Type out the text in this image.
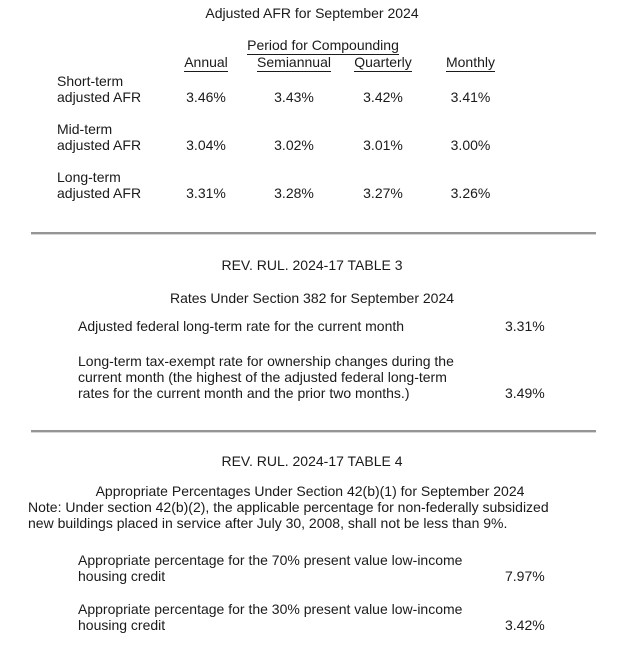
Adjusted AFR for September 2024
Period for Compounding
Annual	Semiannual	Quarterly	Monthly
Short-term
adjusted AFR	3.46%	3.43%	3.42%	3.41%
Mid-term
adjusted AFR	3.04%	3.02%	3.01%	3.00%
Long-term
adjusted AFR	3.31%	3.28%	3.27%	3.26%
REV. RUL. 2024-17 TABLE 3
Rates Under Section 382 for September 2024
Adjusted federal long-term rate for the current month	3.31%
Long-term tax-exempt rate for ownership changes during the
current month (the highest of the adjusted federal long-term
rates for the current month and the prior two months.)	3.49%
REV. RUL. 2024-17 TABLE 4
Appropriate Percentages Under Section 42(b)(1) for September 2024
Note: Under section 42(b)(2), the applicable percentage for non-federally subsidized
new buildings placed in service after July 30, 2008, shall not be less than 9%.
Appropriate percentage for the 70% present value low-income
housing credit	7.97%
Appropriate percentage for the 30% present value low-income
housing credit	3.42%
